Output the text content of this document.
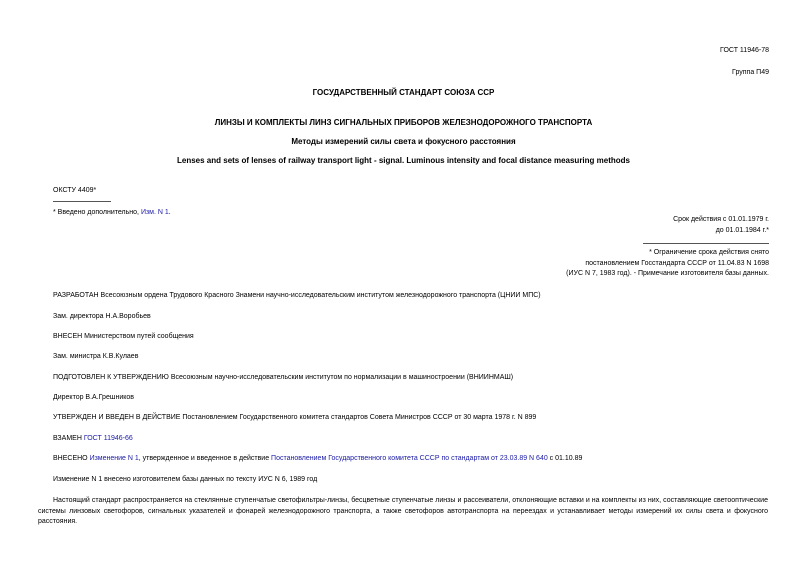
ГОСТ 11946-78
Группа П49
ГОСУДАРСТВЕННЫЙ СТАНДАРТ СОЮЗА ССР
ЛИНЗЫ И КОМПЛЕКТЫ ЛИНЗ СИГНАЛЬНЫХ ПРИБОРОВ ЖЕЛЕЗНОДОРОЖНОГО ТРАНСПОРТА
Методы измерений силы света и фокусного расстояния
Lenses and sets of lenses of railway transport light - signal. Luminous intensity and focal distance measuring methods
ОКСТУ 4409*
* Введено дополнительно, Изм. N 1.
Срок действия с 01.01.1979 г.
до 01.01.1984 г.*
* Ограничение срока действия снято
постановлением Госстандарта СССР от 11.04.83 N 1698
(ИУС N 7, 1983 год). - Примечание изготовителя базы данных.
РАЗРАБОТАН Всесоюзным ордена Трудового Красного Знамени научно-исследовательским институтом железнодорожного транспорта (ЦНИИ МПС)
Зам. директора Н.А.Воробьев
ВНЕСЕН Министерством путей сообщения
Зам. министра К.В.Кулаев
ПОДГОТОВЛЕН К УТВЕРЖДЕНИЮ Всесоюзным научно-исследовательским институтом по нормализации в машиностроении (ВНИИНМАШ)
Директор В.А.Грешников
УТВЕРЖДЕН И ВВЕДЕН В ДЕЙСТВИЕ Постановлением Государственного комитета стандартов Совета Министров СССР от 30 марта 1978 г. N 899
ВЗАМЕН ГОСТ 11946-66
ВНЕСЕНО Изменение N 1, утвержденное и введенное в действие Постановлением Государственного комитета СССР по стандартам от 23.03.89 N 640 с 01.10.89
Изменение N 1 внесено изготовителем базы данных по тексту ИУС N 6, 1989 год
Настоящий стандарт распространяется на стеклянные ступенчатые светофильтры-линзы, бесцветные ступенчатые линзы и рассеиватели, отклоняющие вставки и на комплекты из них, составляющие светооптические системы линзовых светофоров, сигнальных указателей и фонарей железнодорожного транспорта, а также светофоров автотранспорта на переездах и устанавливает методы измерений их силы света и фокусного расстояния.
